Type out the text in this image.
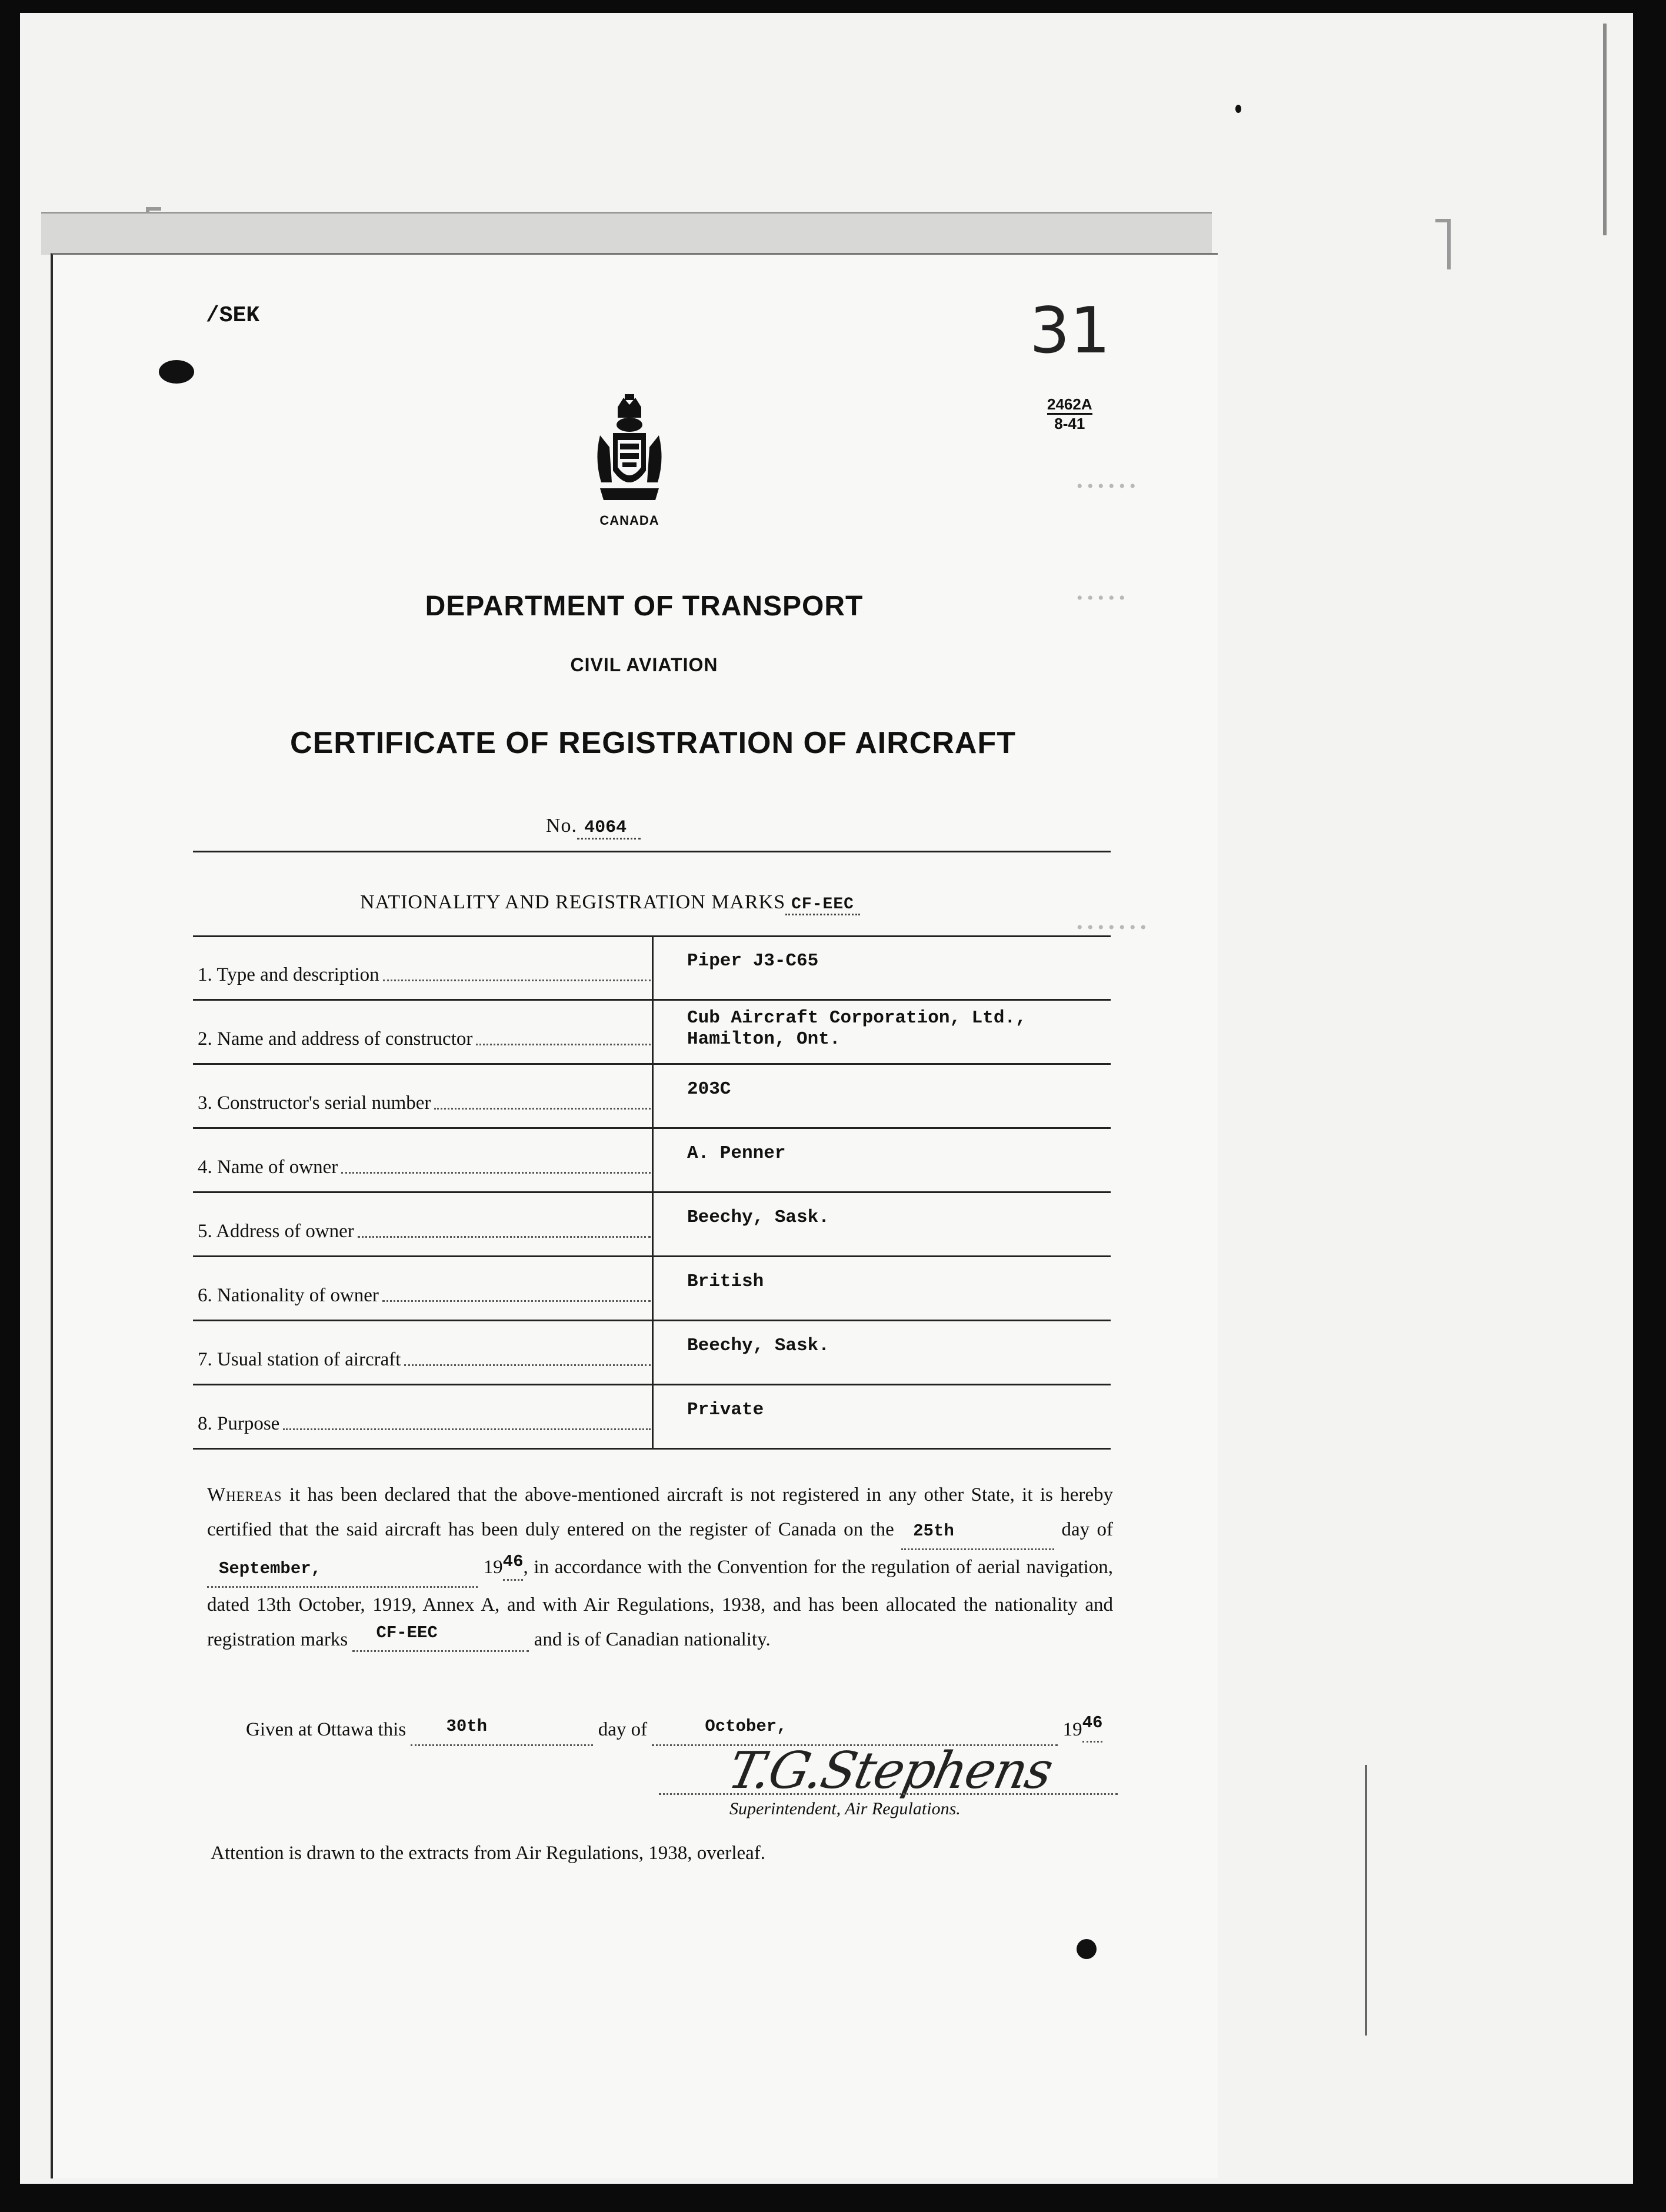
• • • • • •
• • • • •
• • • • • • •
/SEK	31
2462A
8-41
CANADA
DEPARTMENT OF TRANSPORT
CIVIL AVIATION
CERTIFICATE OF REGISTRATION OF AIRCRAFT
No. 4064
NATIONALITY AND REGISTRATION MARKS CF-EEC
1. Type and description
Piper J3-C65
2. Name and address of constructor
Cub Aircraft Corporation, Ltd., Hamilton, Ont.
3. Constructor's serial number
203C
4. Name of owner
A. Penner
5. Address of owner
Beechy, Sask.
6. Nationality of owner
British
7. Usual station of aircraft
Beechy, Sask.
8. Purpose
Private
Whereas it has been declared that the above-mentioned aircraft is not registered in any other State, it is hereby certified that the said aircraft has been duly entered on the register of Canada on the 25th	day of September,	1946, in accordance with the Convention for the regulation of aerial navigation, dated 13th October, 1919, Annex A, and with Air Regulations, 1938, and has been allocated the nationality and registration marks CF-EEC	and is of Canadian nationality.
Given at Ottawa this 30th	day of	October,	1946
T.G.Stephens
Superintendent, Air Regulations.
Attention is drawn to the extracts from Air Regulations, 1938, overleaf.
